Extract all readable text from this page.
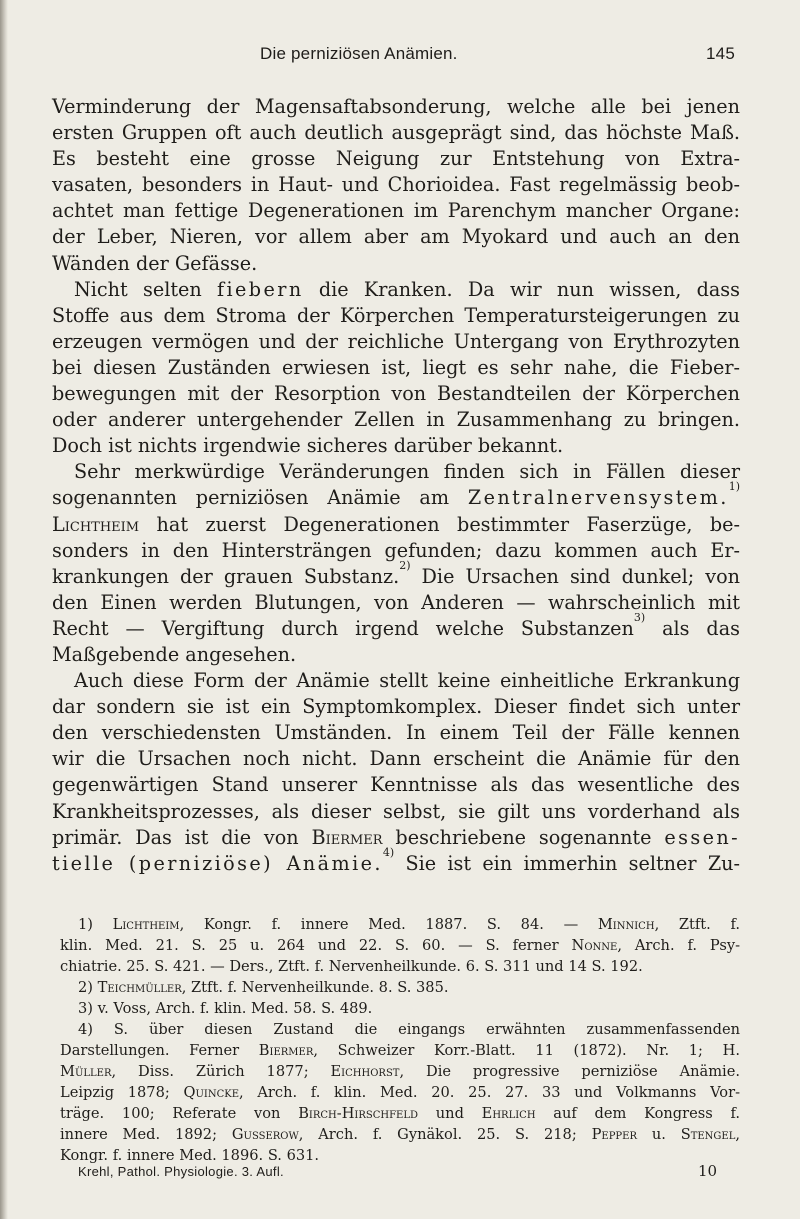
Die perniziösen Anämien.	145
Verminderung der Magensaftabsonderung, welche alle bei jenen
ersten Gruppen oft auch deutlich ausgeprägt sind, das höchste Maß.
Es besteht eine grosse Neigung zur Entstehung von Extra-
vasaten, besonders in Haut- und Chorioidea. Fast regelmässig beob-
achtet man fettige Degenerationen im Parenchym mancher Organe:
der Leber, Nieren, vor allem aber am Myokard und auch an den
Wänden der Gefässe.
Nicht selten fiebern die Kranken. Da wir nun wissen, dass
Stoffe aus dem Stroma der Körperchen Temperatursteigerungen zu
erzeugen vermögen und der reichliche Untergang von Erythrozyten
bei diesen Zuständen erwiesen ist, liegt es sehr nahe, die Fieber-
bewegungen mit der Resorption von Bestandteilen der Körperchen
oder anderer untergehender Zellen in Zusammenhang zu bringen.
Doch ist nichts irgendwie sicheres darüber bekannt.
Sehr merkwürdige Veränderungen finden sich in Fällen dieser
sogenannten perniziösen Anämie am Zentralnervensystem.$^{1)}$
Lichtheim hat zuerst Degenerationen bestimmter Faserzüge, be-
sonders in den Hintersträngen gefunden; dazu kommen auch Er-
krankungen der grauen Substanz.$^{2)}$ Die Ursachen sind dunkel; von
den Einen werden Blutungen, von Anderen — wahrscheinlich mit
Recht — Vergiftung durch irgend welche Substanzen$^{3)}$ als das
Maßgebende angesehen.
Auch diese Form der Anämie stellt keine einheitliche Erkrankung
dar sondern sie ist ein Symptomkomplex. Dieser findet sich unter
den verschiedensten Umständen. In einem Teil der Fälle kennen
wir die Ursachen noch nicht. Dann erscheint die Anämie für den
gegenwärtigen Stand unserer Kenntnisse als das wesentliche des
Krankheitsprozesses, als dieser selbst, sie gilt uns vorderhand als
primär. Das ist die von Biermer beschriebene sogenannte essen-
tielle (perniziöse) Anämie.$^{4)}$ Sie ist ein immerhin seltner Zu-
1) Lichtheim, Kongr. f. innere Med. 1887. S. 84. — Minnich, Ztft. f.
klin. Med. 21. S. 25 u. 264 und 22. S. 60. — S. ferner Nonne, Arch. f. Psy-
chiatrie. 25. S. 421. — Ders., Ztft. f. Nervenheilkunde. 6. S. 311 und 14 S. 192.
2) Teichmüller, Ztft. f. Nervenheilkunde. 8. S. 385.
3) v. Voss, Arch. f. klin. Med. 58. S. 489.
4) S. über diesen Zustand die eingangs erwähnten zusammenfassenden
Darstellungen. Ferner Biermer, Schweizer Korr.-Blatt. 11 (1872). Nr. 1; H.
Müller, Diss. Zürich 1877; Eichhorst, Die progressive perniziöse Anämie.
Leipzig 1878; Quincke, Arch. f. klin. Med. 20. 25. 27. 33 und Volkmanns Vor-
träge. 100; Referate von Birch-Hirschfeld und Ehrlich auf dem Kongress f.
innere Med. 1892; Gusserow, Arch. f. Gynäkol. 25. S. 218; Pepper u. Stengel,
Kongr. f. innere Med. 1896. S. 631.
Krehl, Pathol. Physiologie. 3. Aufl.	10
